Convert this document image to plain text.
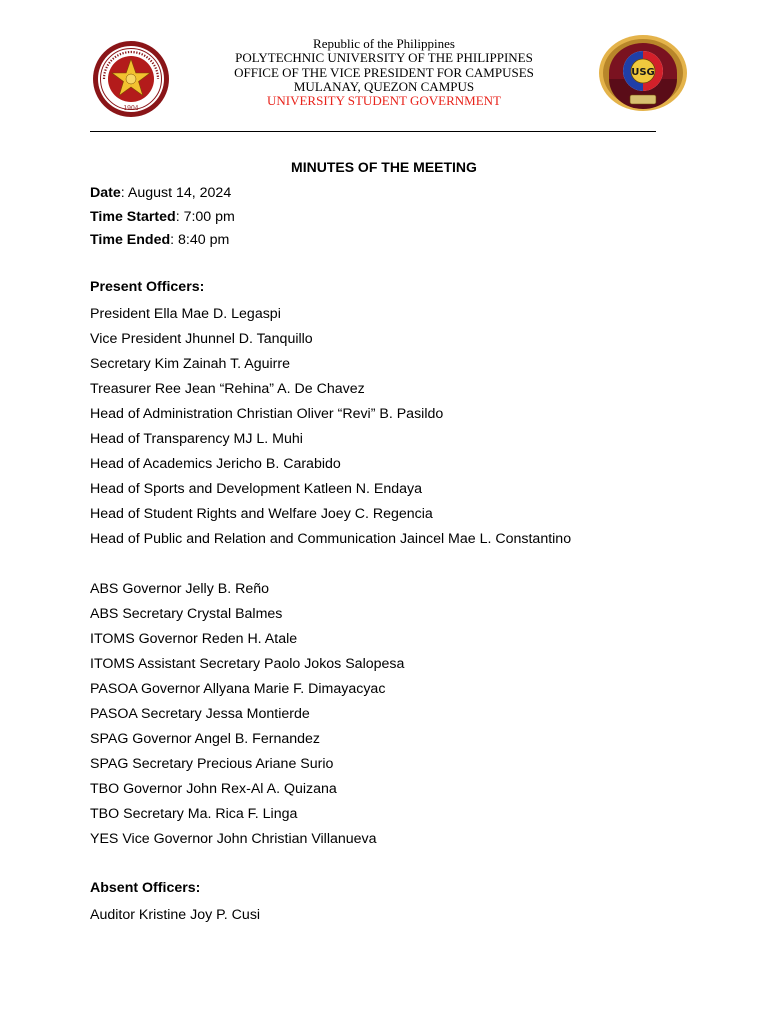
1904
Republic of the Philippines
POLYTECHNIC UNIVERSITY OF THE PHILIPPINES
OFFICE OF THE VICE PRESIDENT FOR CAMPUSES
MULANAY, QUEZON CAMPUS
UNIVERSITY STUDENT GOVERNMENT
USG
MINUTES OF THE MEETING
Date: August 14, 2024
Time Started: 7:00 pm
Time Ended: 8:40 pm
Present Officers:
President Ella Mae D. Legaspi
Vice President Jhunnel D. Tanquillo
Secretary Kim Zainah T. Aguirre
Treasurer Ree Jean “Rehina” A. De Chavez
Head of Administration Christian Oliver “Revi” B. Pasildo
Head of Transparency MJ L. Muhi
Head of Academics Jericho B. Carabido
Head of Sports and Development Katleen N. Endaya
Head of Student Rights and Welfare Joey C. Regencia
Head of Public and Relation and Communication Jaincel Mae L. Constantino
ABS Governor Jelly B. Reño
ABS Secretary Crystal Balmes
ITOMS Governor Reden H. Atale
ITOMS Assistant Secretary Paolo Jokos Salopesa
PASOA Governor Allyana Marie F. Dimayacyac
PASOA Secretary Jessa Montierde
SPAG Governor Angel B. Fernandez
SPAG Secretary Precious Ariane Surio
TBO Governor John Rex-Al A. Quizana
TBO Secretary Ma. Rica F. Linga
YES Vice Governor John Christian Villanueva
Absent Officers:
Auditor Kristine Joy P. Cusi
